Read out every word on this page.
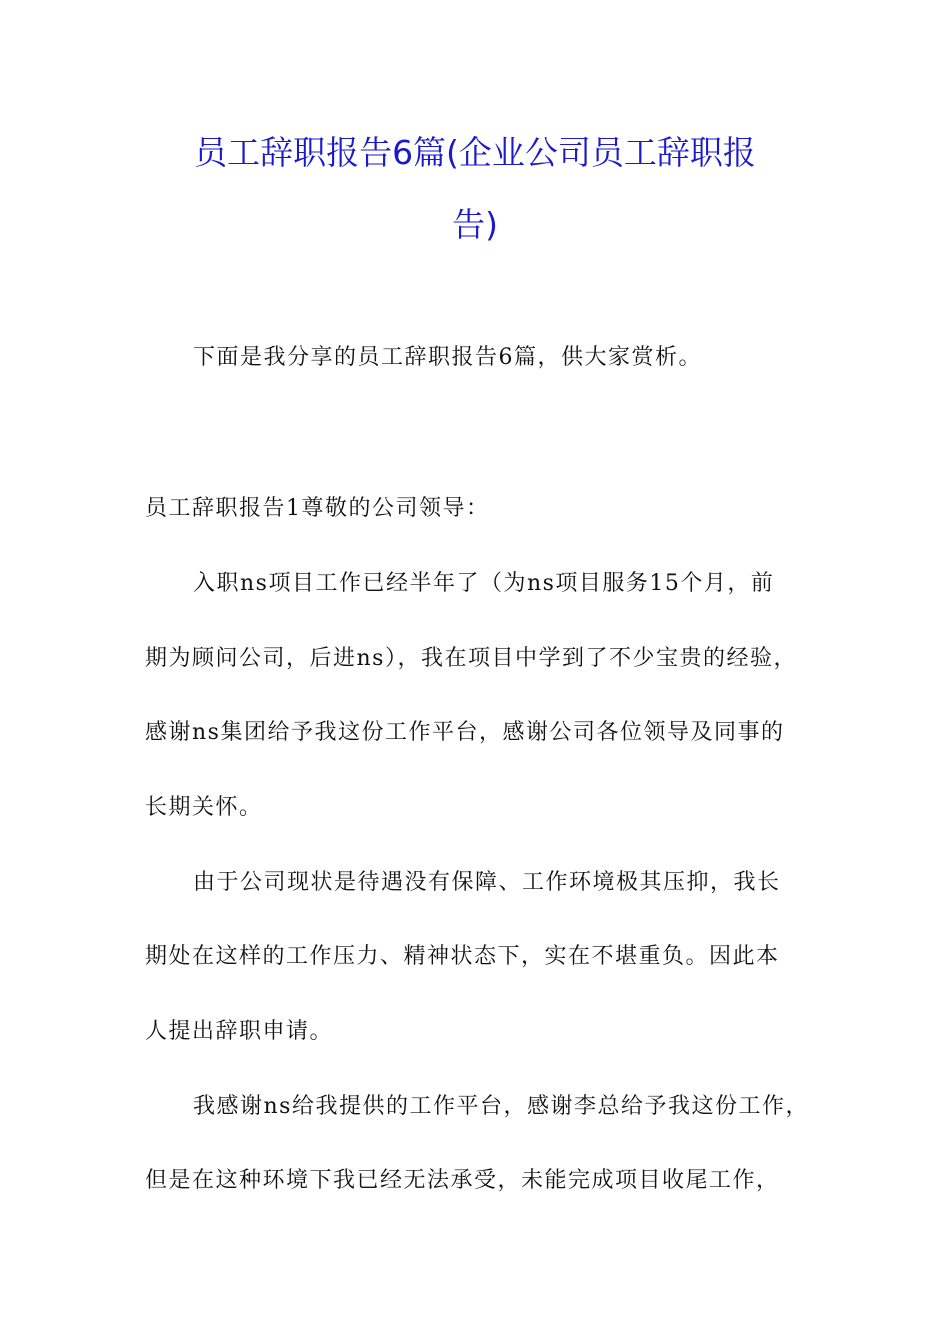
员工辞职报告6篇(企业公司员工辞职报
告)
下面是我分享的员工辞职报告6篇，供大家赏析。
员工辞职报告1尊敬的公司领导：
入职ns项目工作已经半年了（为ns项目服务15个月，前
期为顾问公司，后进ns），我在项目中学到了不少宝贵的经验，
感谢ns集团给予我这份工作平台，感谢公司各位领导及同事的
长期关怀。
由于公司现状是待遇没有保障、工作环境极其压抑，我长
期处在这样的工作压力、精神状态下，实在不堪重负。因此本
人提出辞职申请。
我感谢ns给我提供的工作平台，感谢李总给予我这份工作，
但是在这种环境下我已经无法承受，未能完成项目收尾工作，
